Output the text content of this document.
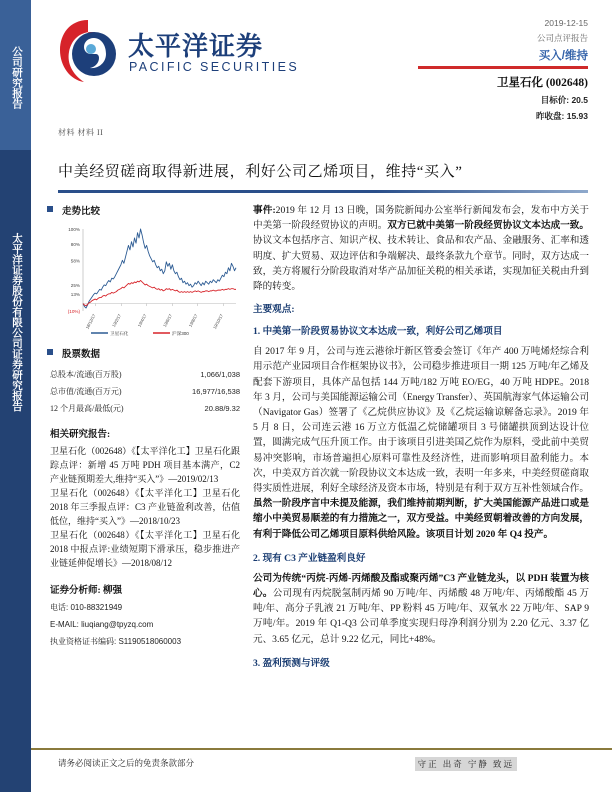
公司研究报告
太平洋证券股份有限公司证券研究报告
太平洋证券
PACIFIC SECURITIES
材料 材料 II
2019-12-15
公司点评报告
买入/维持
卫星石化 (002648)
目标价: 20.5
昨收盘: 15.93
中美经贸磋商取得新进展，利好公司乙烯项目，维持“买入”
走势比较
100%
80%
58%
25%
13%
(10%)
18/12/17	19/2/17	19/4/17	19/6/17	19/8/17	19/10/17
卫星石化	沪深300
股票数据
总股本/流通(百万股)	1,066/1,038
总市值/流通(百万元)	16,977/16,538
12 个月最高/最低(元)	20.88/9.32
相关研究报告:
卫星石化（002648）《【太平洋化工】卫星石化跟踪点评：新增 45 万吨 PDH 项目基本满产，C2 产业链预期差大,维持“买入”》—2019/02/13
卫星石化（002648）《【太平洋化工】卫星石化 2018 年三季报点评：C3 产业链盈利改善，估值低位，维持“买入”》—2018/10/23
卫星石化（002648）《【太平洋化工】卫星石化 2018 中报点评:业绩短期下滑承压，稳步推进产业链延伸促增长》—2018/08/12
证券分析师: 柳强
电话: 010-88321949
E-MAIL: liuqiang@tpyzq.com
执业资格证书编码: S1190518060003

事件:2019 年 12 月 13 日晚，国务院新闻办公室举行新闻发布会，发布中方关于中美第一阶段经贸协议的声明。双方已就中美第一阶段经贸协议文本达成一致。协议文本包括序言、知识产权、技术转让、食品和农产品、金融服务、汇率和透明度、扩大贸易、双边评估和争端解决、最终条款九个章节。同时，双方达成一致，美方将履行分阶段取消对华产品加征关税的相关承诺，实现加征关税由升到降的转变。

主要观点:
1. 中美第一阶段贸易协议文本达成一致，利好公司乙烯项目

自 2017 年 9 月，公司与连云港徐圩新区管委会签订《年产 400 万吨烯烃综合利用示范产业园项目合作框架协议书》，公司稳步推进项目一期 125 万吨/年乙烯及配套下游项目，具体产品包括 144 万吨/182 万吨 EO/EG，40 万吨 HDPE。2018 年 3 月，公司与美国能源运输公司（Energy Transfer）、英国航海家气体运输公司（Navigator Gas）签署了《乙烷供应协议》及《乙烷运输谅解备忘录》。2019 年 5 月 8 日，公司连云港 16 万立方低温乙烷储罐项目 3 号储罐拱顶到达设计位置，圆满完成气压升顶工作。由于该项目引进美国乙烷作为原料，受此前中美贸易冲突影响，市场普遍担心原料可靠性及经济性，进而影响项目盈利能力。本次，中美双方首次就一阶段协议文本达成一致，表明一年多来，中美经贸磋商取得实质性进展，利好全球经济及资本市场，特别是有利于双方互补性领域合作。虽然一阶段序言中未提及能源，我们维持前期判断，扩大美国能源产品进口或是缩小中美贸易顺差的有力措施之一，双方受益。中美经贸朝着改善的方向发展，有利于降低公司乙烯项目原料供给风险。该项目计划 2020 年 Q4 投产。

2. 现有 C3 产业链盈利良好

公司为传统“丙烷-丙烯-丙烯酸及酯或聚丙烯”C3 产业链龙头，以 PDH 装置为核心。公司现有丙烷脱氢制丙烯 90 万吨/年、丙烯酸 48 万吨/年、丙烯酸酯 45 万吨/年、高分子乳液 21 万吨/年、PP 粉料 45 万吨/年、双氧水 22 万吨/年、SAP 9 万吨/年。2019 年 Q1-Q3 公司单季度实现归母净利润分别为 2.20 亿元、3.37 亿元、3.65 亿元，总计 9.22 亿元，同比+48%。

3. 盈利预测与评级
请务必阅读正文之后的免责条款部分	守正 出奇 宁静 致远
